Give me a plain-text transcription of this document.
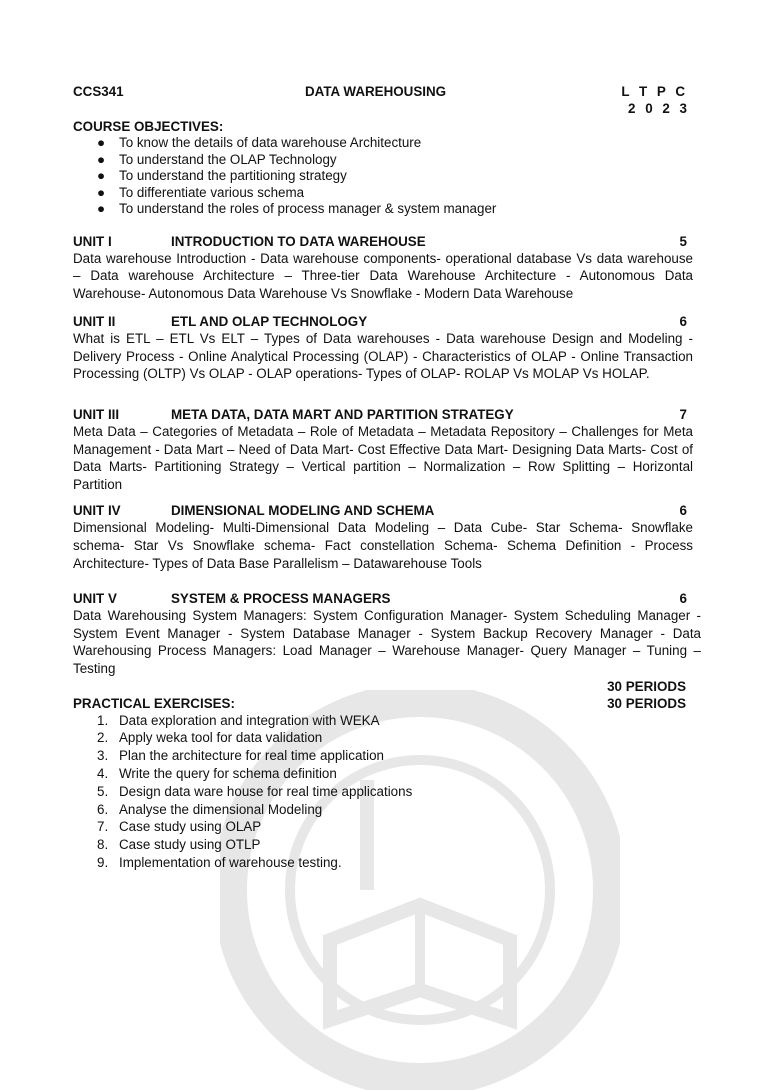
CCS341	DATA WAREHOUSING	L T P C
2 0 2 3
COURSE OBJECTIVES:
● To know the details of data warehouse Architecture
● To understand the OLAP Technology
● To understand the partitioning strategy
● To differentiate various schema
● To understand the roles of process manager & system manager
UNIT I	INTRODUCTION TO DATA WAREHOUSE	5
Data warehouse Introduction - Data warehouse components- operational database Vs data warehouse – Data warehouse Architecture – Three-tier Data Warehouse Architecture - Autonomous Data Warehouse- Autonomous Data Warehouse Vs Snowflake - Modern Data Warehouse
UNIT II	ETL AND OLAP TECHNOLOGY	6
What is ETL – ETL Vs ELT – Types of Data warehouses - Data warehouse Design and Modeling - Delivery Process - Online Analytical Processing (OLAP) - Characteristics of OLAP - Online Transaction Processing (OLTP) Vs OLAP - OLAP operations- Types of OLAP- ROLAP Vs MOLAP Vs HOLAP.
UNIT III	META DATA, DATA MART AND PARTITION STRATEGY	7
Meta Data – Categories of Metadata – Role of Metadata – Metadata Repository – Challenges for Meta Management - Data Mart – Need of Data Mart- Cost Effective Data Mart- Designing Data Marts- Cost of Data Marts- Partitioning Strategy – Vertical partition – Normalization – Row Splitting – Horizontal Partition
UNIT IV	DIMENSIONAL MODELING AND SCHEMA	6
Dimensional Modeling- Multi-Dimensional Data Modeling – Data Cube- Star Schema- Snowflake schema- Star Vs Snowflake schema- Fact constellation Schema- Schema Definition - Process Architecture- Types of Data Base Parallelism – Datawarehouse Tools
UNIT V	SYSTEM & PROCESS MANAGERS	6
Data Warehousing System Managers: System Configuration Manager- System Scheduling Manager - System Event Manager - System Database Manager - System Backup Recovery Manager - Data Warehousing Process Managers: Load Manager – Warehouse Manager- Query Manager – Tuning – Testing
30 PERIODS
PRACTICAL EXERCISES:	30 PERIODS
1. Data exploration and integration with WEKA
2. Apply weka tool for data validation
3. Plan the architecture for real time application
4. Write the query for schema definition
5. Design data ware house for real time applications
6. Analyse the dimensional Modeling
7. Case study using OLAP
8. Case study using OTLP
9. Implementation of warehouse testing.
